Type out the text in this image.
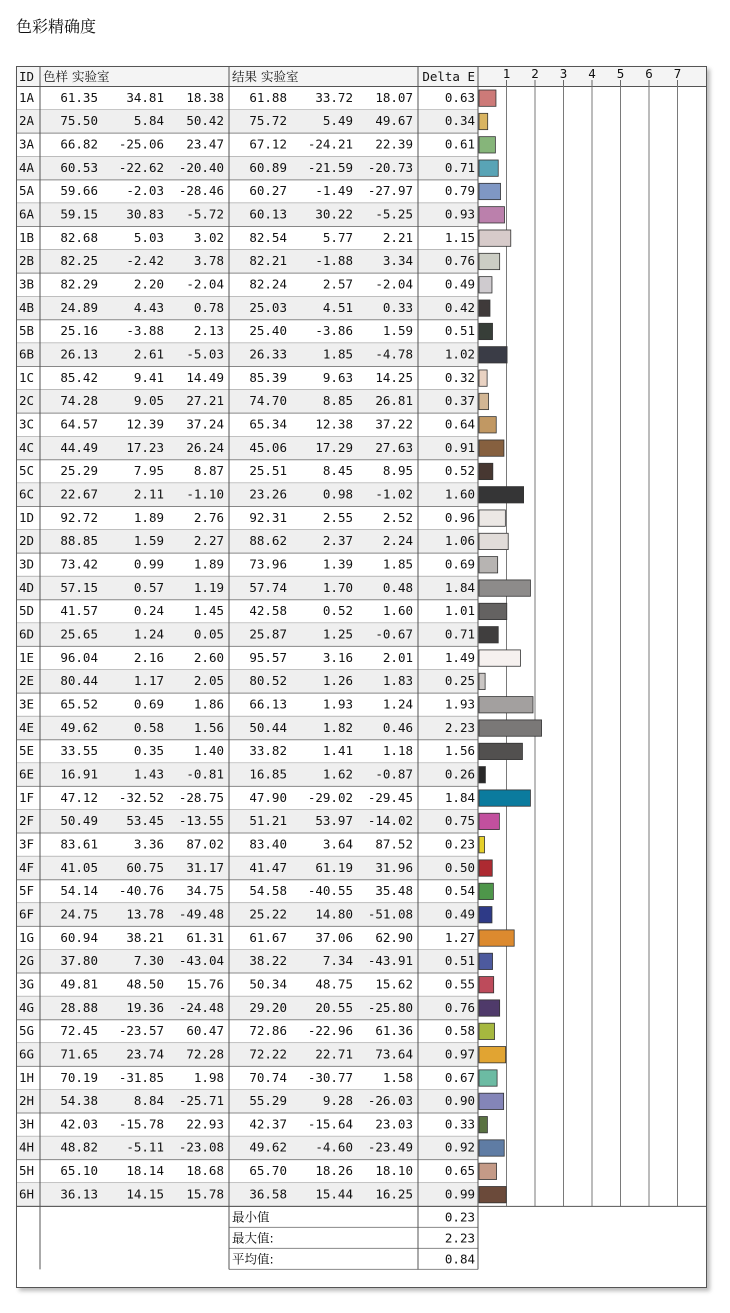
色彩精确度
ID 色样 实验室	结果 实验室	Delta E 1 2 3 4 5 6 7
1A 61.35 34.81 18.38 61.88 33.72 18.07	0.63
2A 75.50	5.84 50.42 75.72	5.49 49.67	0.34
3A 66.82 -25.06 23.47 67.12 -24.21 22.39	0.61
4A 60.53 -22.62 -20.40 60.89 -21.59 -20.73	0.71
5A 59.66 -2.03 -28.46 60.27 -1.49 -27.97	0.79
6A 59.15 30.83 -5.72 60.13 30.22 -5.25	0.93
1B 82.68	5.03 3.02 82.54	5.77 2.21	1.15
2B 82.25 -2.42 3.78 82.21 -1.88 3.34	0.76
3B 82.29	2.20 -2.04 82.24	2.57 -2.04	0.49
4B 24.89	4.43 0.78 25.03	4.51 0.33	0.42
5B 25.16 -3.88 2.13 25.40 -3.86 1.59	0.51
6B 26.13	2.61 -5.03 26.33	1.85 -4.78	1.02
1C 85.42	9.41 14.49 85.39	9.63 14.25	0.32
2C 74.28	9.05 27.21 74.70	8.85 26.81	0.37
3C 64.57 12.39 37.24 65.34 12.38 37.22	0.64
4C 44.49 17.23 26.24 45.06 17.29 27.63	0.91
5C 25.29	7.95 8.87 25.51	8.45 8.95	0.52
6C 22.67	2.11 -1.10 23.26	0.98 -1.02	1.60
1D 92.72	1.89 2.76 92.31	2.55 2.52	0.96
2D 88.85	1.59 2.27 88.62	2.37 2.24	1.06
3D 73.42	0.99 1.89 73.96	1.39 1.85	0.69
4D 57.15	0.57 1.19 57.74	1.70 0.48	1.84
5D 41.57	0.24 1.45 42.58	0.52 1.60	1.01
6D 25.65	1.24 0.05 25.87	1.25 -0.67	0.71
1E 96.04	2.16 2.60 95.57	3.16 2.01	1.49
2E 80.44	1.17 2.05 80.52	1.26 1.83	0.25
3E 65.52	0.69 1.86 66.13	1.93 1.24	1.93
4E 49.62	0.58 1.56 50.44	1.82 0.46	2.23
5E 33.55	0.35 1.40 33.82	1.41 1.18	1.56
6E 16.91	1.43 -0.81 16.85	1.62 -0.87	0.26
1F 47.12 -32.52 -28.75 47.90 -29.02 -29.45	1.84
2F 50.49 53.45 -13.55 51.21 53.97 -14.02	0.75
3F 83.61	3.36 87.02 83.40	3.64 87.52	0.23
4F 41.05 60.75 31.17 41.47 61.19 31.96	0.50
5F 54.14 -40.76 34.75 54.58 -40.55 35.48	0.54
6F 24.75 13.78 -49.48 25.22 14.80 -51.08	0.49
1G 60.94 38.21 61.31 61.67 37.06 62.90	1.27
2G 37.80	7.30 -43.04 38.22	7.34 -43.91	0.51
3G 49.81 48.50 15.76 50.34 48.75 15.62	0.55
4G 28.88 19.36 -24.48 29.20 20.55 -25.80	0.76
5G 72.45 -23.57 60.47 72.86 -22.96 61.36	0.58
6G 71.65 23.74 72.28 72.22 22.71 73.64	0.97
1H 70.19 -31.85 1.98 70.74 -30.77 1.58	0.67
2H 54.38	8.84 -25.71 55.29	9.28 -26.03	0.90
3H 42.03 -15.78 22.93 42.37 -15.64 23.03	0.33
4H 48.82 -5.11 -23.08 49.62 -4.60 -23.49	0.92
5H 65.10 18.14 18.68 65.70 18.26 18.10	0.65
6H 36.13 14.15 15.78 36.58 15.44 16.25	0.99
最小值	0.23
最大值:	2.23
平均值:	0.84
